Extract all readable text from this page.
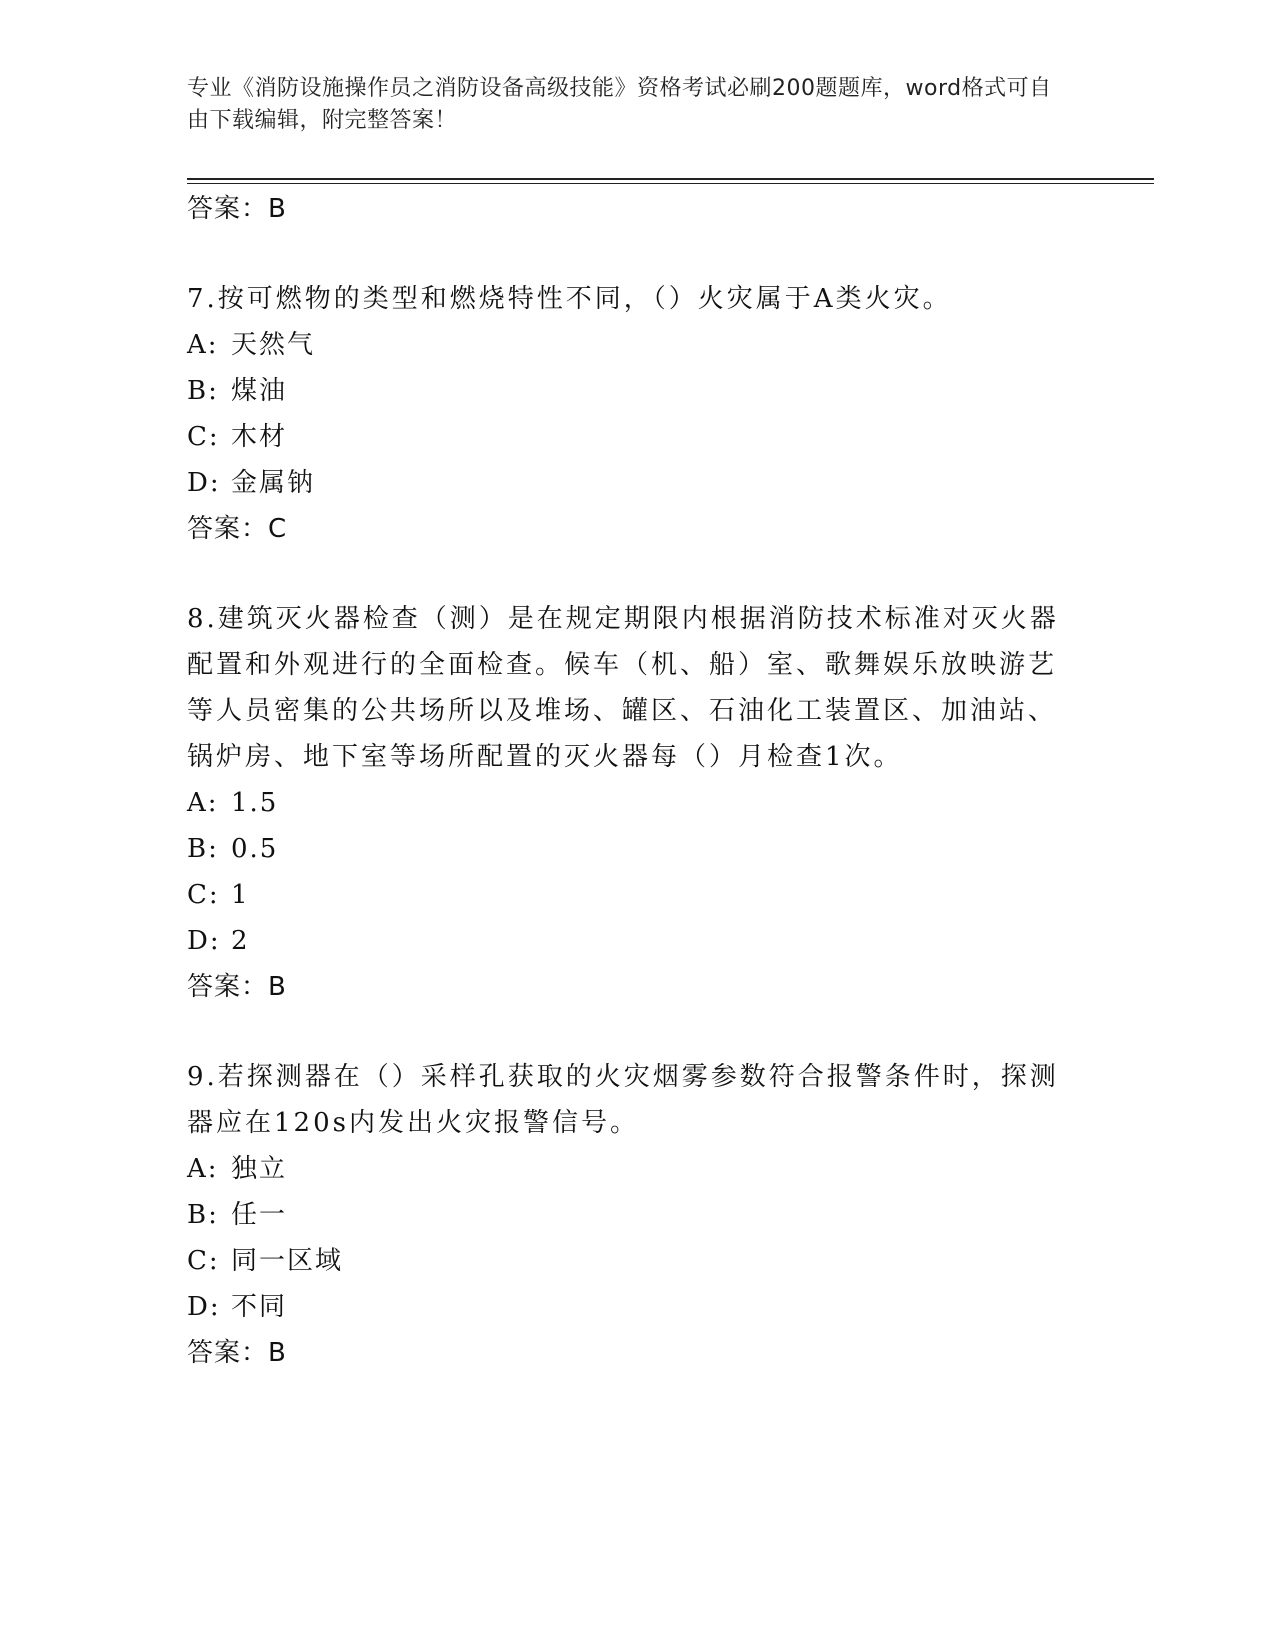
专业《消防设施操作员之消防设备高级技能》资格考试必刷200题题库，word格式可自由下载编辑，附完整答案！
答案：B
7.按可燃物的类型和燃烧特性不同，（）火灾属于A类火灾。
A: 天然气
B: 煤油
C: 木材
D: 金属钠
答案：C
8.建筑灭火器检查（测）是在规定期限内根据消防技术标准对灭火器配置和外观进行的全面检查。候车（机、船）室、歌舞娱乐放映游艺等人员密集的公共场所以及堆场、罐区、石油化工装置区、加油站、锅炉房、地下室等场所配置的灭火器每（）月检查1次。
A: 1.5
B: 0.5
C: 1
D: 2
答案：B
9.若探测器在（）采样孔获取的火灾烟雾参数符合报警条件时，探测器应在120s内发出火灾报警信号。
A: 独立
B: 任一
C: 同一区域
D: 不同
答案：B
